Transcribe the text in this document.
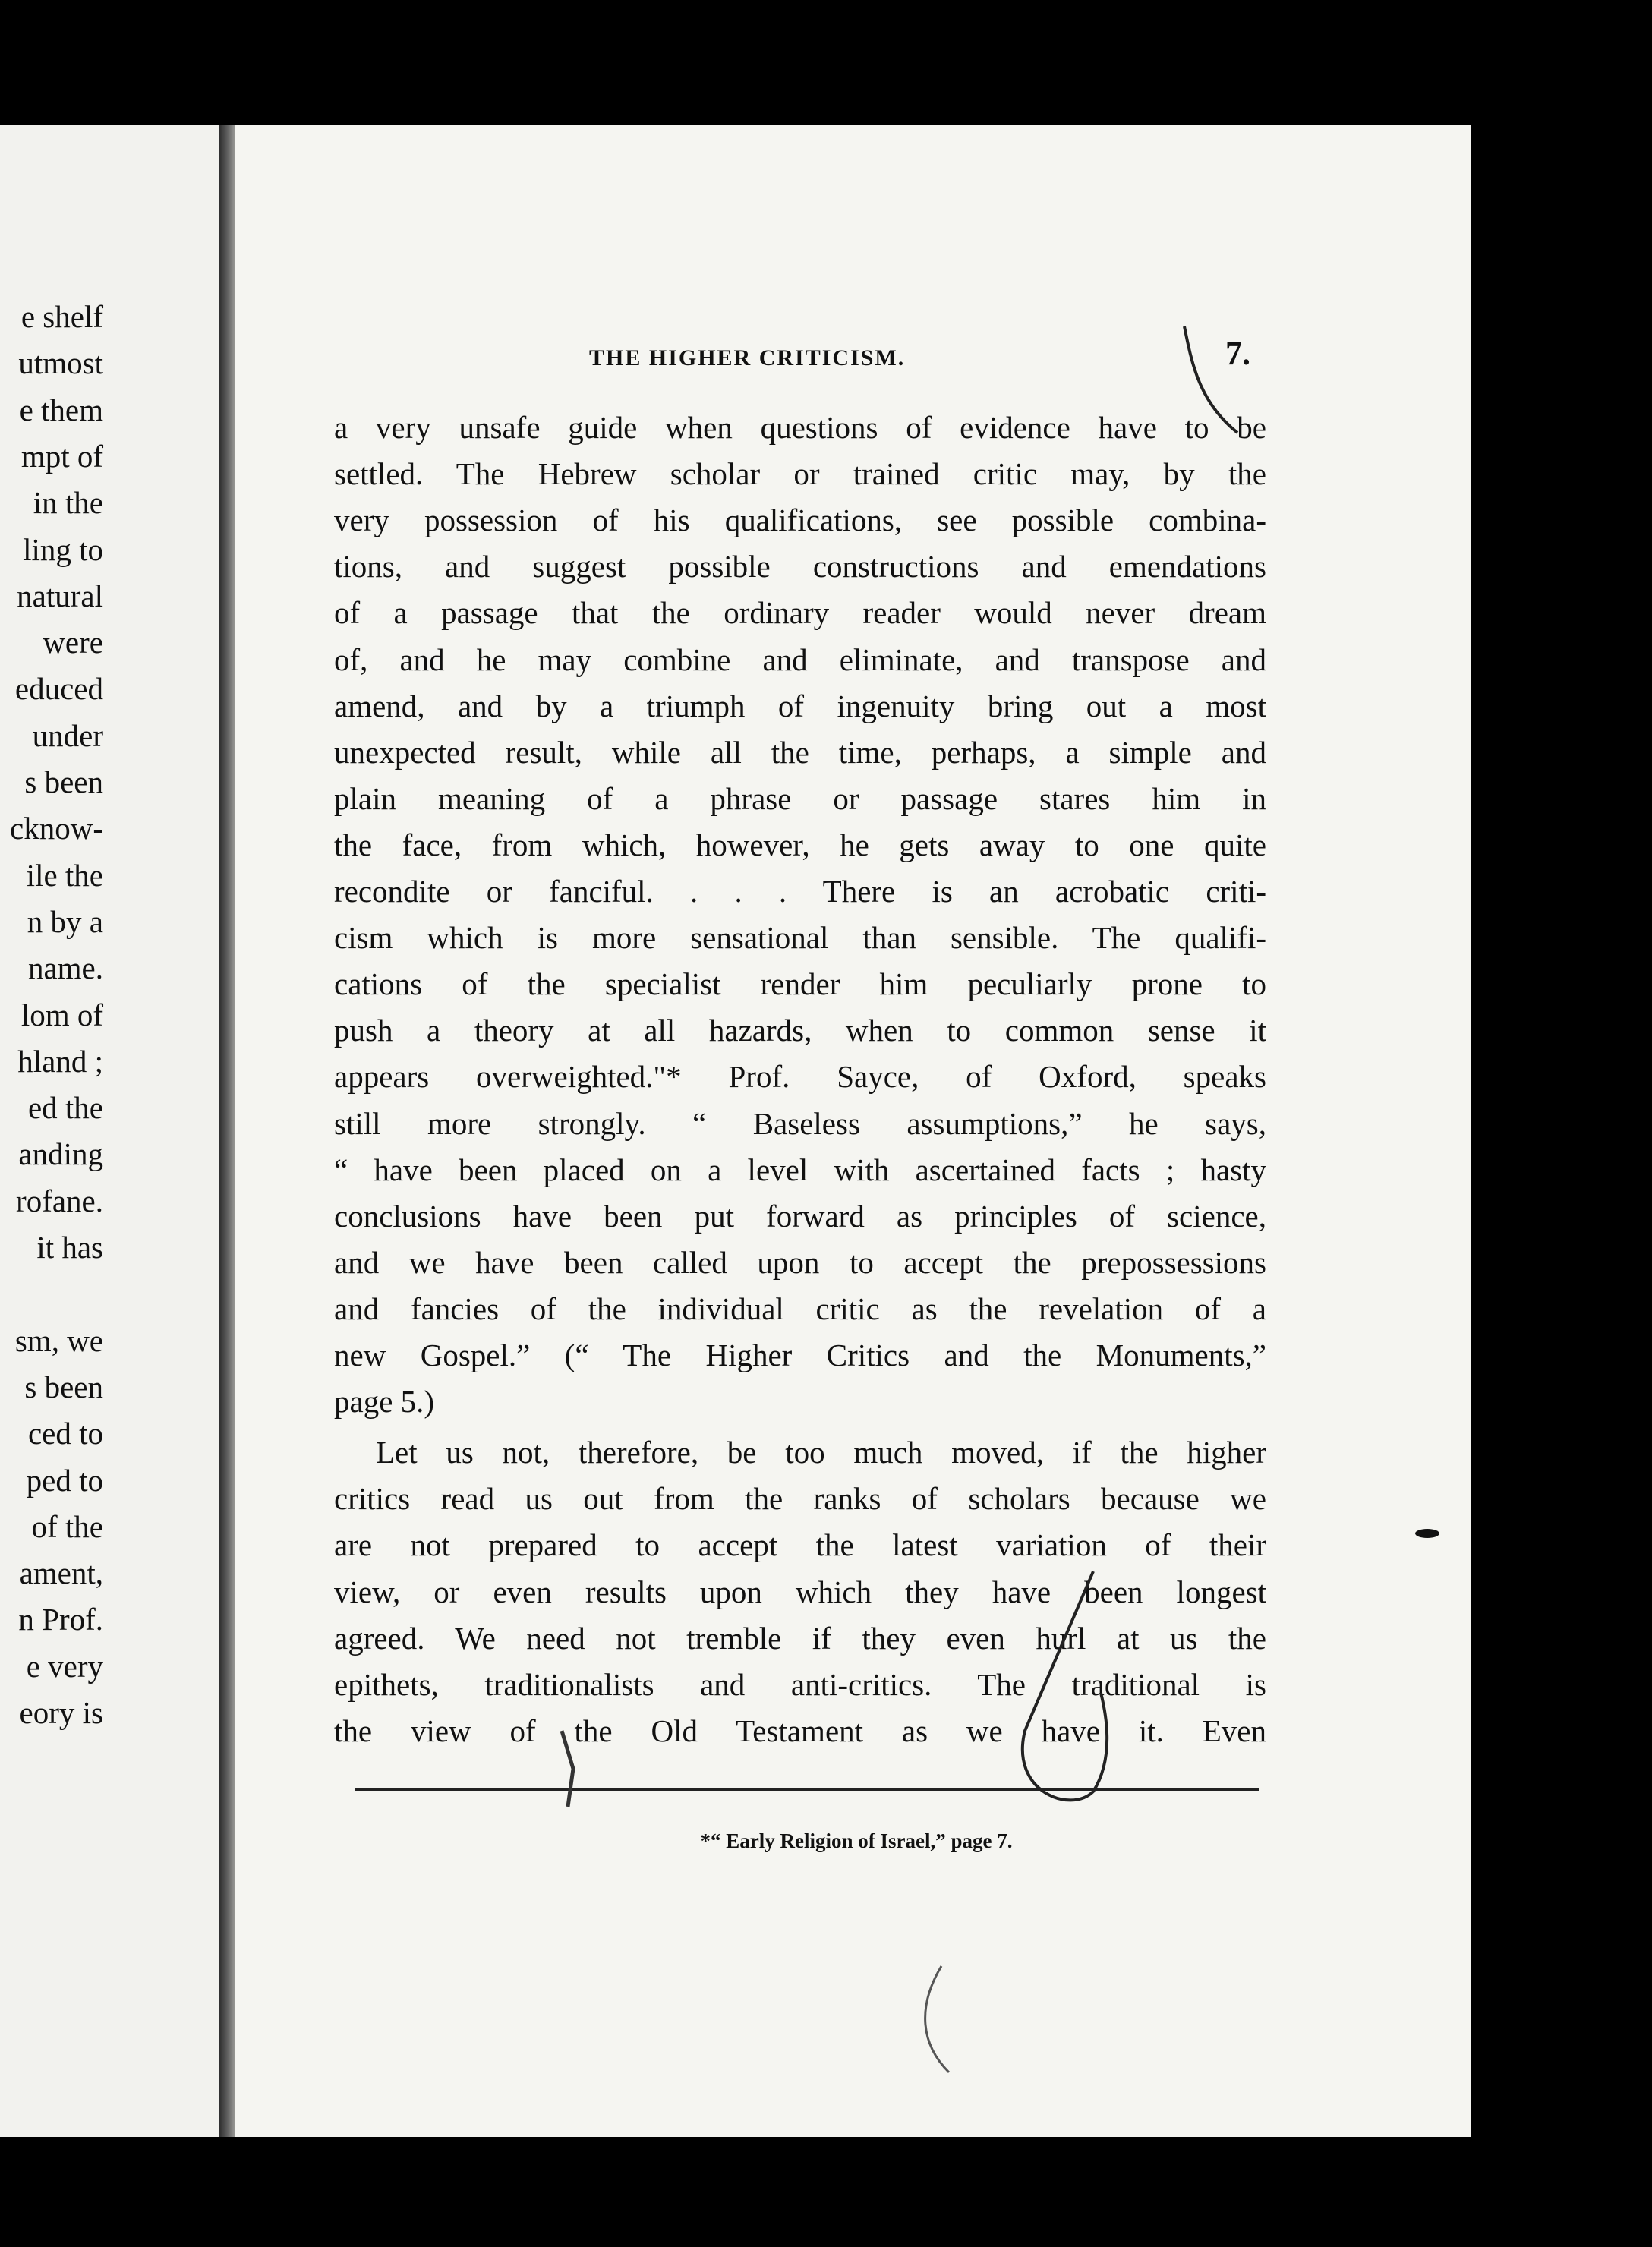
e shelf
utmost
e them
mpt of
in the
ling to
natural
were
educed
under
s been
cknow-
ile the
n by a
name.
lom of
hland ;
ed the
anding
rofane.
it has
sm, we
s been
ced to
ped to
of the
ament,
n Prof.
e very
eory is
THE HIGHER CRITICISM.	7.
a very unsafe guide when questions of evidence have to be
settled. The Hebrew scholar or trained critic may, by the
very possession of his qualifications, see possible combina-
tions, and suggest possible constructions and emendations
of a passage that the ordinary reader would never dream
of, and he may combine and eliminate, and transpose and
amend, and by a triumph of ingenuity bring out a most
unexpected result, while all the time, perhaps, a simple and
plain meaning of a phrase or passage stares him in
the face, from which, however, he gets away to one quite
recondite or fanciful. . . . There is an acrobatic criti-
cism which is more sensational than sensible. The qualifi-
cations of the specialist render him peculiarly prone to
push a theory at all hazards, when to common sense it
appears overweighted."* Prof. Sayce, of Oxford, speaks
still more strongly. “ Baseless assumptions,” he says,
“ have been placed on a level with ascertained facts ; hasty
conclusions have been put forward as principles of science,
and we have been called upon to accept the prepossessions
and fancies of the individual critic as the revelation of a
new Gospel.” (“ The Higher Critics and the Monuments,”
page 5.)
Let us not, therefore, be too much moved, if the higher
critics read us out from the ranks of scholars because we
are not prepared to accept the latest variation of their
view, or even results upon which they have been longest
agreed. We need not tremble if they even hurl at us the
epithets, traditionalists and anti-critics. The traditional is
the view of the Old Testament as we have it. Even
*“ Early Religion of Israel,” page 7.
